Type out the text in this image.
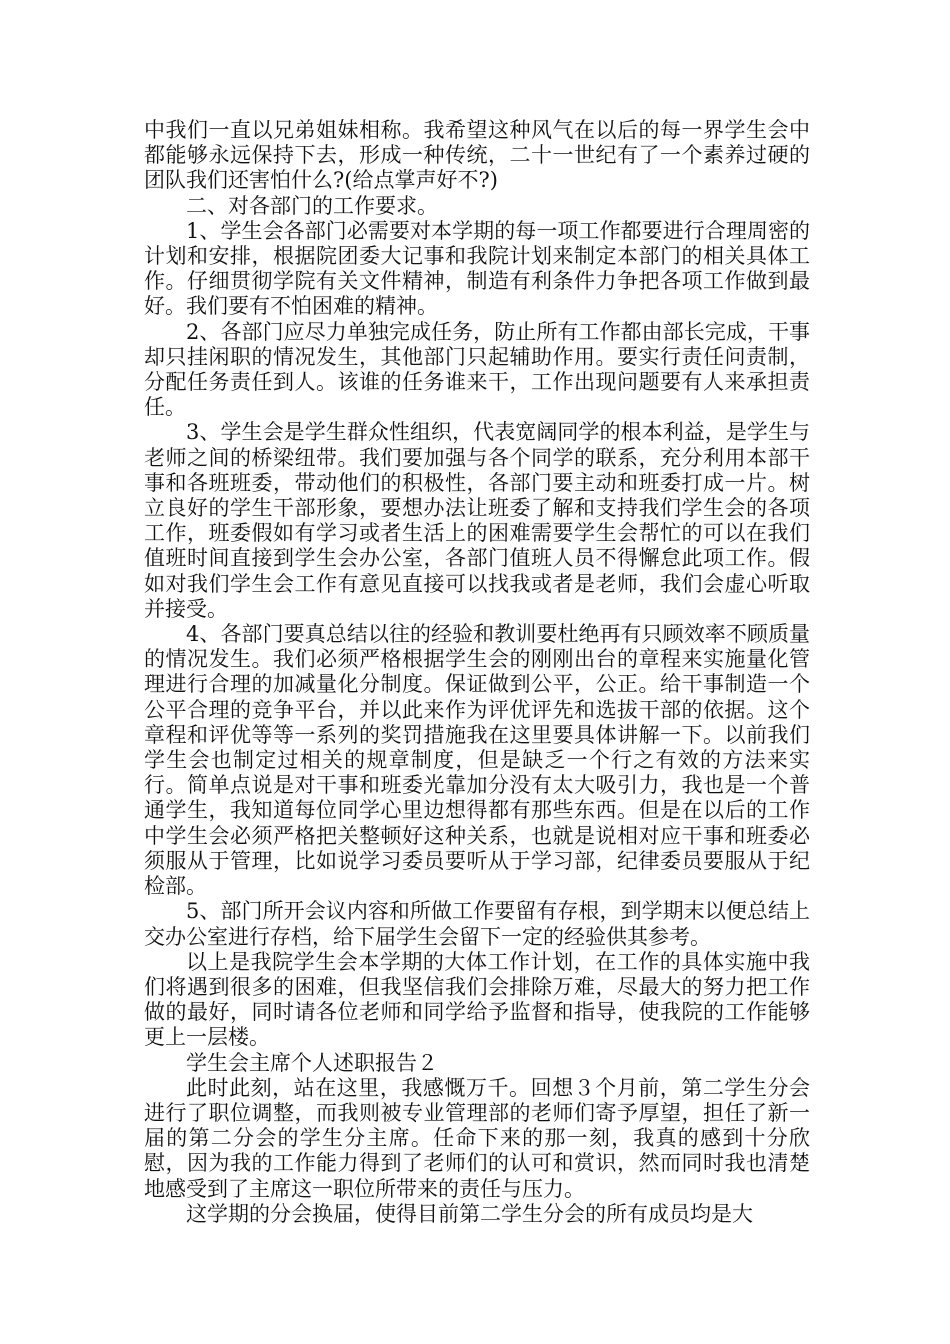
中我们一直以兄弟姐妹相称。我希望这种风气在以后的每一界学生会中都能够永远保持下去，形成一种传统，二十一世纪有了一个素养过硬的团队我们还害怕什么?(给点掌声好不?)

二、对各部门的工作要求。

1、学生会各部门必需要对本学期的每一项工作都要进行合理周密的计划和安排，根据院团委大记事和我院计划来制定本部门的相关具体工作。仔细贯彻学院有关文件精神，制造有利条件力争把各项工作做到最好。我们要有不怕困难的精神。

2、各部门应尽力单独完成任务，防止所有工作都由部长完成，干事却只挂闲职的情况发生，其他部门只起辅助作用。要实行责任问责制，分配任务责任到人。该谁的任务谁来干，工作出现问题要有人来承担责任。

3、学生会是学生群众性组织，代表宽阔同学的根本利益，是学生与老师之间的桥梁纽带。我们要加强与各个同学的联系，充分利用本部干事和各班班委，带动他们的积极性，各部门要主动和班委打成一片。树立良好的学生干部形象，要想办法让班委了解和支持我们学生会的各项工作，班委假如有学习或者生活上的困难需要学生会帮忙的可以在我们值班时间直接到学生会办公室，各部门值班人员不得懈怠此项工作。假如对我们学生会工作有意见直接可以找我或者是老师，我们会虚心听取并接受。

4、各部门要真总结以往的经验和教训要杜绝再有只顾效率不顾质量的情况发生。我们必须严格根据学生会的刚刚出台的章程来实施量化管理进行合理的加减量化分制度。保证做到公平，公正。给干事制造一个公平合理的竞争平台，并以此来作为评优评先和选拔干部的依据。这个章程和评优等等一系列的奖罚措施我在这里要具体讲解一下。以前我们学生会也制定过相关的规章制度，但是缺乏一个行之有效的方法来实行。简单点说是对干事和班委光靠加分没有太大吸引力，我也是一个普通学生，我知道每位同学心里边想得都有那些东西。但是在以后的工作中学生会必须严格把关整顿好这种关系，也就是说相对应干事和班委必须服从于管理，比如说学习委员要听从于学习部，纪律委员要服从于纪检部。

5、部门所开会议内容和所做工作要留有存根，到学期末以便总结上交办公室进行存档，给下届学生会留下一定的经验供其参考。

以上是我院学生会本学期的大体工作计划，在工作的具体实施中我们将遇到很多的困难，但我坚信我们会排除万难，尽最大的努力把工作做的最好，同时请各位老师和同学给予监督和指导，使我院的工作能够更上一层楼。

学生会主席个人述职报告２

此时此刻，站在这里，我感慨万千。回想３个月前，第二学生分会进行了职位调整，而我则被专业管理部的老师们寄予厚望，担任了新一届的第二分会的学生分主席。任命下来的那一刻，我真的感到十分欣慰，因为我的工作能力得到了老师们的认可和赏识，然而同时我也清楚地感受到了主席这一职位所带来的责任与压力。

这学期的分会换届，使得目前第二学生分会的所有成员均是大
